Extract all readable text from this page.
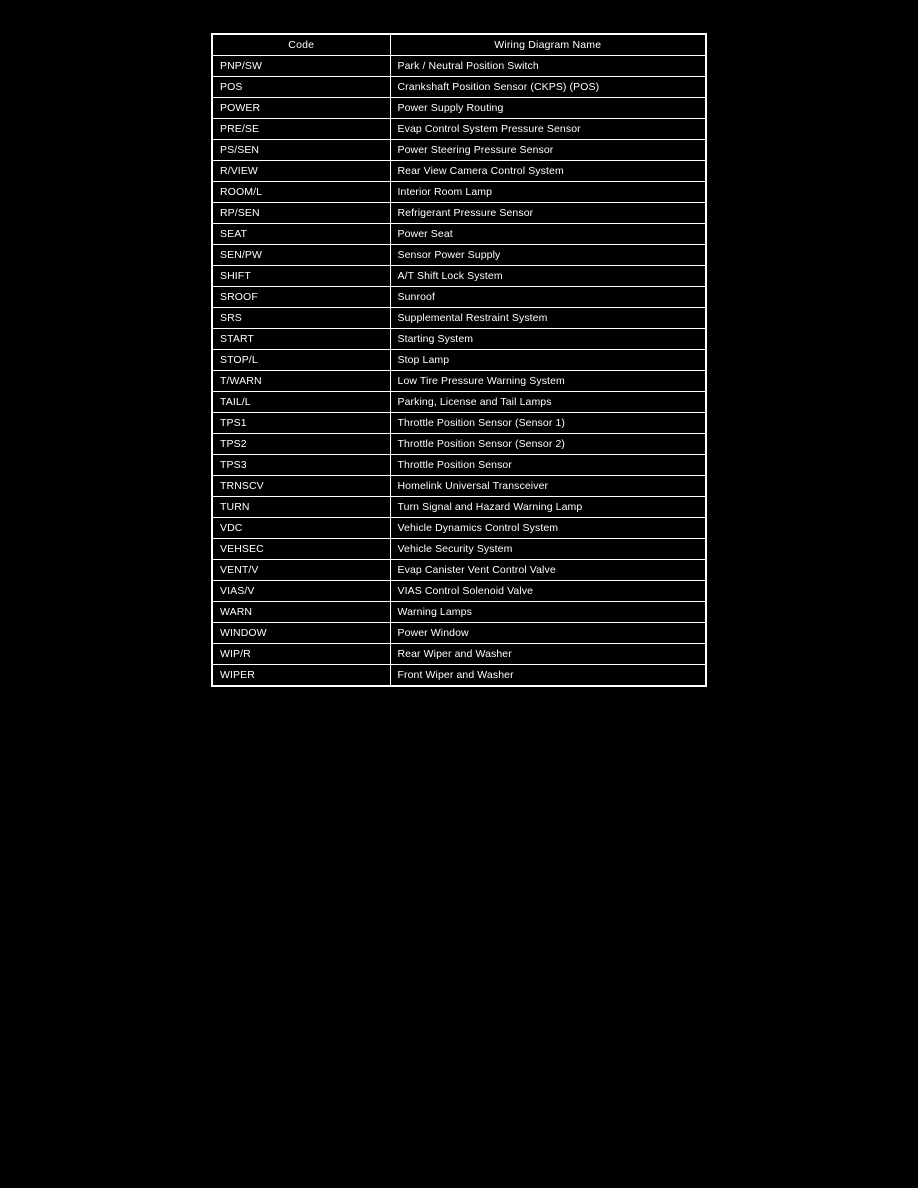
Code	Wiring Diagram Name
PNP/SW	Park / Neutral Position Switch
POS	Crankshaft Position Sensor (CKPS) (POS)
POWER	Power Supply Routing
PRE/SE	Evap Control System Pressure Sensor
PS/SEN	Power Steering Pressure Sensor
R/VIEW	Rear View Camera Control System
ROOM/L	Interior Room Lamp
RP/SEN	Refrigerant Pressure Sensor
SEAT	Power Seat
SEN/PW	Sensor Power Supply
SHIFT	A/T Shift Lock System
SROOF	Sunroof
SRS	Supplemental Restraint System
START	Starting System
STOP/L	Stop Lamp
T/WARN	Low Tire Pressure Warning System
TAIL/L	Parking, License and Tail Lamps
TPS1	Throttle Position Sensor (Sensor 1)
TPS2	Throttle Position Sensor (Sensor 2)
TPS3	Throttle Position Sensor
TRNSCV	Homelink Universal Transceiver
TURN	Turn Signal and Hazard Warning Lamp
VDC	Vehicle Dynamics Control System
VEHSEC	Vehicle Security System
VENT/V	Evap Canister Vent Control Valve
VIAS/V	VIAS Control Solenoid Valve
WARN	Warning Lamps
WINDOW	Power Window
WIP/R	Rear Wiper and Washer
WIPER	Front Wiper and Washer
